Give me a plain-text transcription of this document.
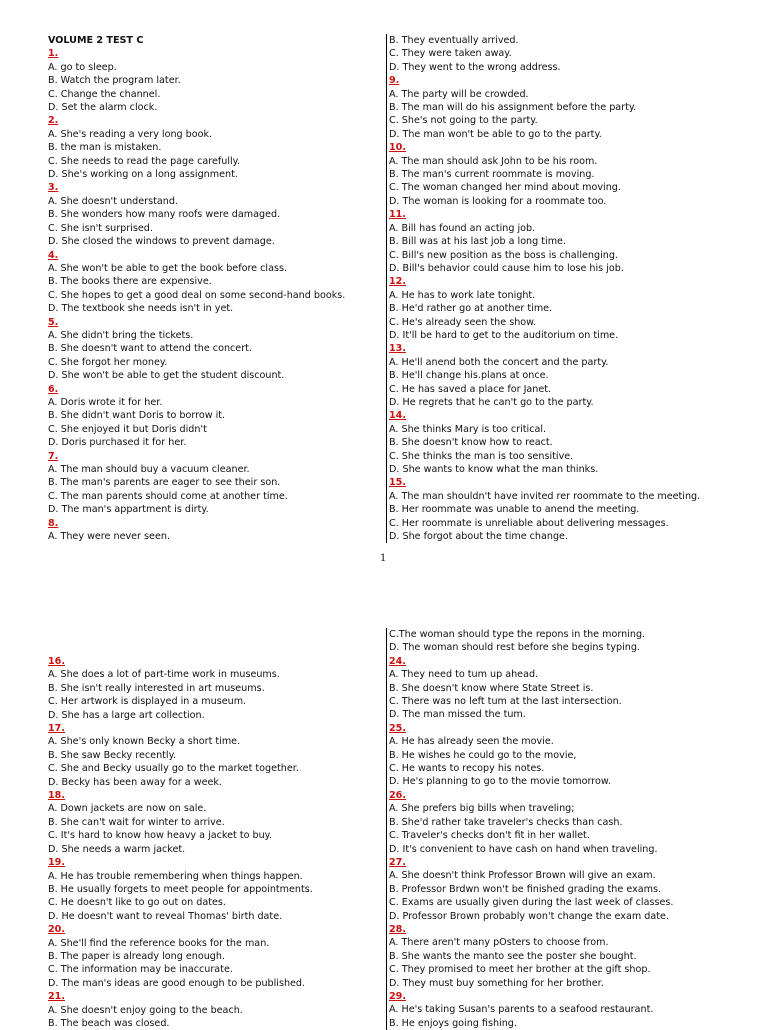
VOLUME 2 TEST C
1.
A. go to sleep.
B. Watch the program later.
C. Change the channel.
D. Set the alarm clock.
2.
A. She's reading a very long book.
B. the man is mistaken.
C. She needs to read the page carefully.
D. She's working on a long assignment.
3.
A. She doesn't understand.
B. She wonders how many roofs were damaged.
C. She isn't surprised.
D. She closed the windows to prevent damage.
4.
A. She won't be able to get the book before class.
B. The books there are expensive.
C. She hopes to get a good deal on some second-hand books.
D. The textbook she needs isn't in yet.
5.
A. She didn't bring the tickets.
B. She doesn't want to attend the concert.
C. She forgot her money.
D. She won't be able to get the student discount.
6.
A. Doris wrote it for her.
B. She didn't want Doris to borrow it.
C. She enjoyed it but Doris didn't
D. Doris purchased it for her.
7.
A. The man should buy a vacuum cleaner.
B. The man's parents are eager to see their son.
C. The man parents should come at another time.
D. The man's appartment is dirty.
8.
A. They were never seen.
B. They eventually arrived.
C. They were taken away.
D. They went to the wrong address.
9.
A. The party will be crowded.
B. The man will do his assignment before the party.
C. She's not going to the party.
D. The man won't be able to go to the party.
10.
A. The man should ask John to be his room.
B. The man's current roommate is moving.
C. The woman changed her mind about moving.
D. The woman is looking for a roommate too.
11.
A. Bill has found an acting job.
B. Bill was at his last job a long time.
C. Bill's new position as the boss is challenging.
D. Bill's behavior could cause him to lose his job.
12.
A. He has to work late tonight.
B. He'd rather go at another time.
C. He's already seen the show.
D. It'll be hard to get to the auditorium on time.
13.
A. He'll anend both the concert and the party.
B. He'll change his.plans at once.
C. He has saved a place for Janet.
D. He regrets that he can't go to the party.
14.
A. She thinks Mary is too critical.
B. She doesn't know how to react.
C. She thinks the man is too sensitive.
D. She wants to know what the man thinks.
15.
A. The man shouldn't have invited rer roommate to the meeting.
B. Her roommate was unable to anend the meeting.
C. Her roommate is unreliable about delivering messages.
D. She forgot about the time change.
1
16.
A. She does a lot of part-time work in museums.
B. She isn't really interested in art museums.
C. Her artwork is displayed in a museum.
D. She has a large art collection.
17.
A. She's only known Becky a short time.
B. She saw Becky recently.
C. She and Becky usually go to the market together.
D. Becky has been away for a week.
18.
A. Down jackets are now on sale.
B. She can't wait for winter to arrive.
C. It's hard to know how heavy a jacket to buy.
D. She needs a warm jacket.
19.
A. He has trouble remembering when things happen.
B. He usually forgets to meet people for appointments.
C. He doesn't like to go out on dates.
D. He doesn't want to reveal Thomas' birth date.
20.
A. She'll find the reference books for the man.
B. The paper is already long enough.
C. The information may be inaccurate.
D. The man's ideas are good enough to be published.
21.
A. She doesn't enjoy going to the beach.
B. The beach was closed.
C.The woman should type the repons in the morning.
D. The woman should rest before she begins typing.
24.
A. They need to tum up ahead.
B. She doesn't know where State Street is.
C. There was no left tum at the last intersection.
D. The man missed the tum.
25.
A. He has already seen the movie.
B. He wishes he could go to the movie,
C. He wants to recopy his notes.
D. He's planning to go to the movie tomorrow.
26.
A. She prefers big bills when traveling;
B. She'd rather take traveler's checks than cash.
C. Traveler's checks don't fit in her wallet.
D. It's convenient to have cash on hand when traveling.
27.
A. She doesn't think Professor Brown will give an exam.
B. Professor Brdwn won't be finished grading the exams.
C. Exams are usually given during the last week of classes.
D. Professor Brown probably won't change the exam date.
28.
A. There aren't many pOsters to choose from.
B. She wants the manto see the poster she bought.
C. They promised to meet her brother at the gift shop.
D. They must buy something for her brother.
29.
A. He's taking Susan's parents to a seafood restaurant.
B. He enjoys going fishing.
